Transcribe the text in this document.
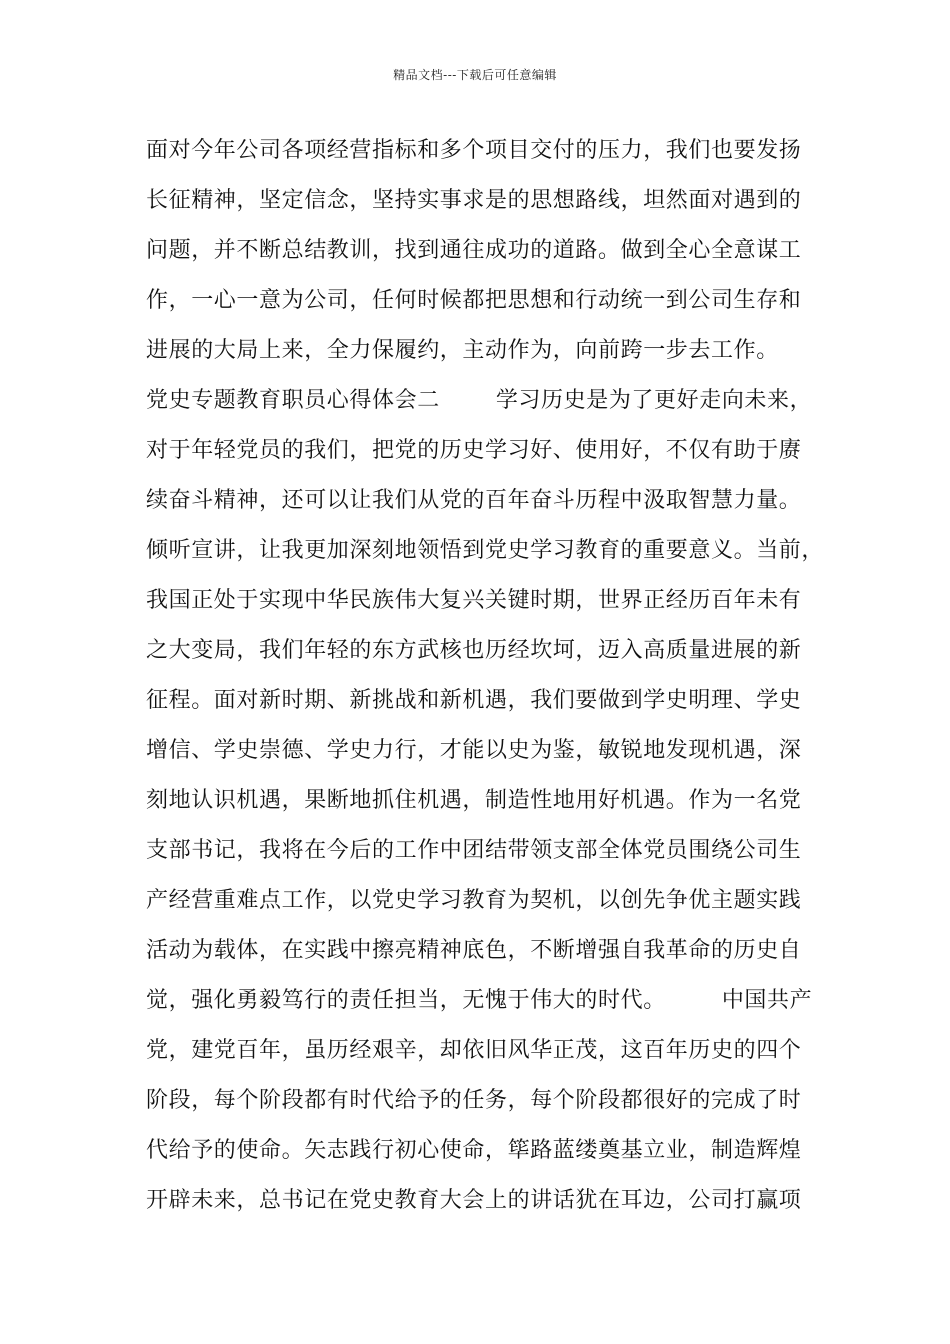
精品文档---下载后可任意编辑
面对今年公司各项经营指标和多个项目交付的压力，我们也要发扬
长征精神，坚定信念，坚持实事求是的思想路线，坦然面对遇到的
问题，并不断总结教训，找到通往成功的道路。做到全心全意谋工
作，一心一意为公司，任何时候都把思想和行动统一到公司生存和
进展的大局上来，全力保履约，主动作为，向前跨一步去工作。
党史专题教育职员心得体会二	学习历史是为了更好走向未来，
对于年轻党员的我们，把党的历史学习好、使用好，不仅有助于赓
续奋斗精神，还可以让我们从党的百年奋斗历程中汲取智慧力量。
倾听宣讲，让我更加深刻地领悟到党史学习教育的重要意义。当前，
我国正处于实现中华民族伟大复兴关键时期，世界正经历百年未有
之大变局，我们年轻的东方武核也历经坎坷，迈入高质量进展的新
征程。面对新时期、新挑战和新机遇，我们要做到学史明理、学史
增信、学史崇德、学史力行，才能以史为鉴，敏锐地发现机遇，深
刻地认识机遇，果断地抓住机遇，制造性地用好机遇。作为一名党
支部书记，我将在今后的工作中团结带领支部全体党员围绕公司生
产经营重难点工作，以党史学习教育为契机，以创先争优主题实践
活动为载体，在实践中擦亮精神底色，不断增强自我革命的历史自
觉，强化勇毅笃行的责任担当，无愧于伟大的时代。	中国共产
党，建党百年，虽历经艰辛，却依旧风华正茂，这百年历史的四个
阶段，每个阶段都有时代给予的任务，每个阶段都很好的完成了时
代给予的使命。矢志践行初心使命，筚路蓝缕奠基立业，制造辉煌
开辟未来，总书记在党史教育大会上的讲话犹在耳边，公司打赢项
